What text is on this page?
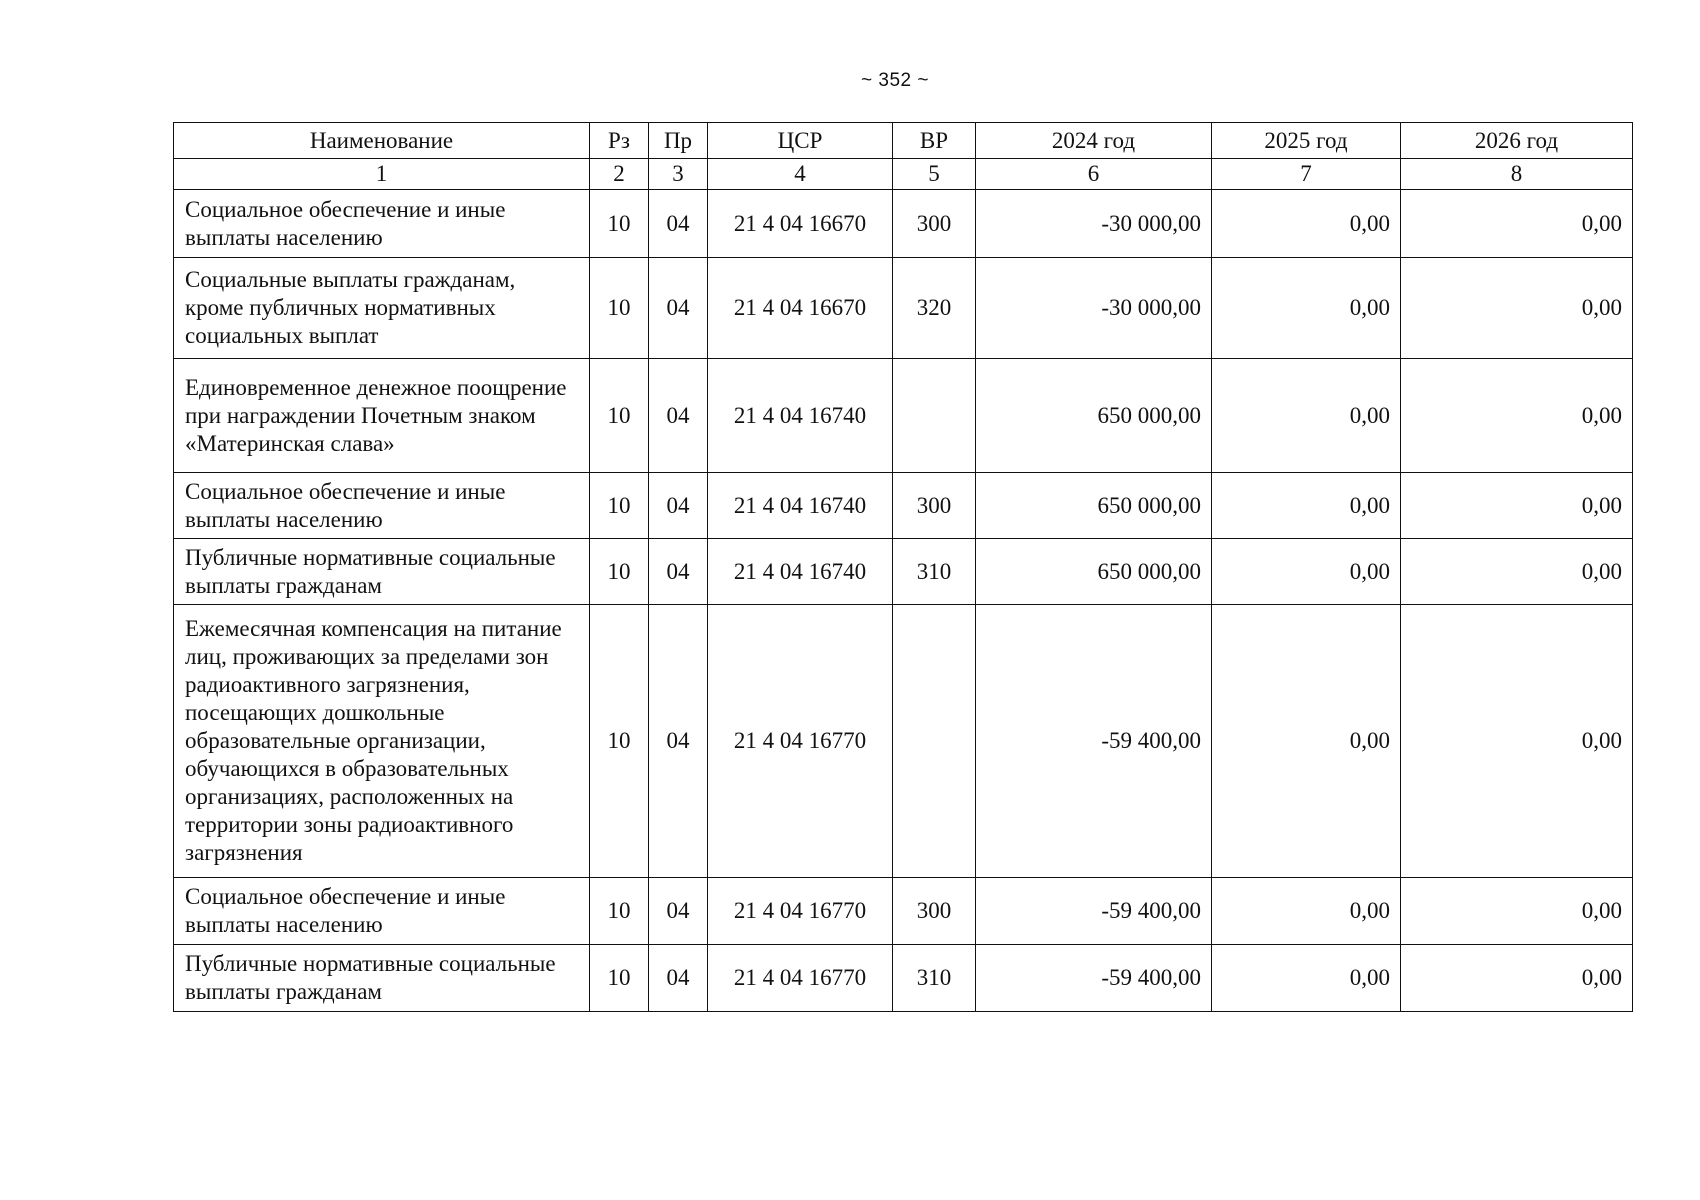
~ 352 ~
Наименование	Рз	Пр	ЦСР	ВР	2024 год	2025 год	2026 год
1	2	3	4	5	6	7	8
Социальное обеспечение и иные выплаты населению	10	04	21 4 04 16670	300	-30 000,00	0,00	0,00
Социальные выплаты гражданам, кроме публичных нормативных социальных выплат	10	04	21 4 04 16670	320	-30 000,00	0,00	0,00
Единовременное денежное поощрение при награждении Почетным знаком «Материнская слава»	10	04	21 4 04 16740		650 000,00	0,00	0,00
Социальное обеспечение и иные выплаты населению	10	04	21 4 04 16740	300	650 000,00	0,00	0,00
Публичные нормативные социальные выплаты гражданам	10	04	21 4 04 16740	310	650 000,00	0,00	0,00
Ежемесячная компенсация на питание лиц, проживающих за пределами зон радиоактивного загрязнения, посещающих дошкольные образовательные организации, обучающихся в образовательных организациях, расположенных на территории зоны радиоактивного загрязнения	10	04	21 4 04 16770		-59 400,00	0,00	0,00
Социальное обеспечение и иные выплаты населению	10	04	21 4 04 16770	300	-59 400,00	0,00	0,00
Публичные нормативные социальные выплаты гражданам	10	04	21 4 04 16770	310	-59 400,00	0,00	0,00
